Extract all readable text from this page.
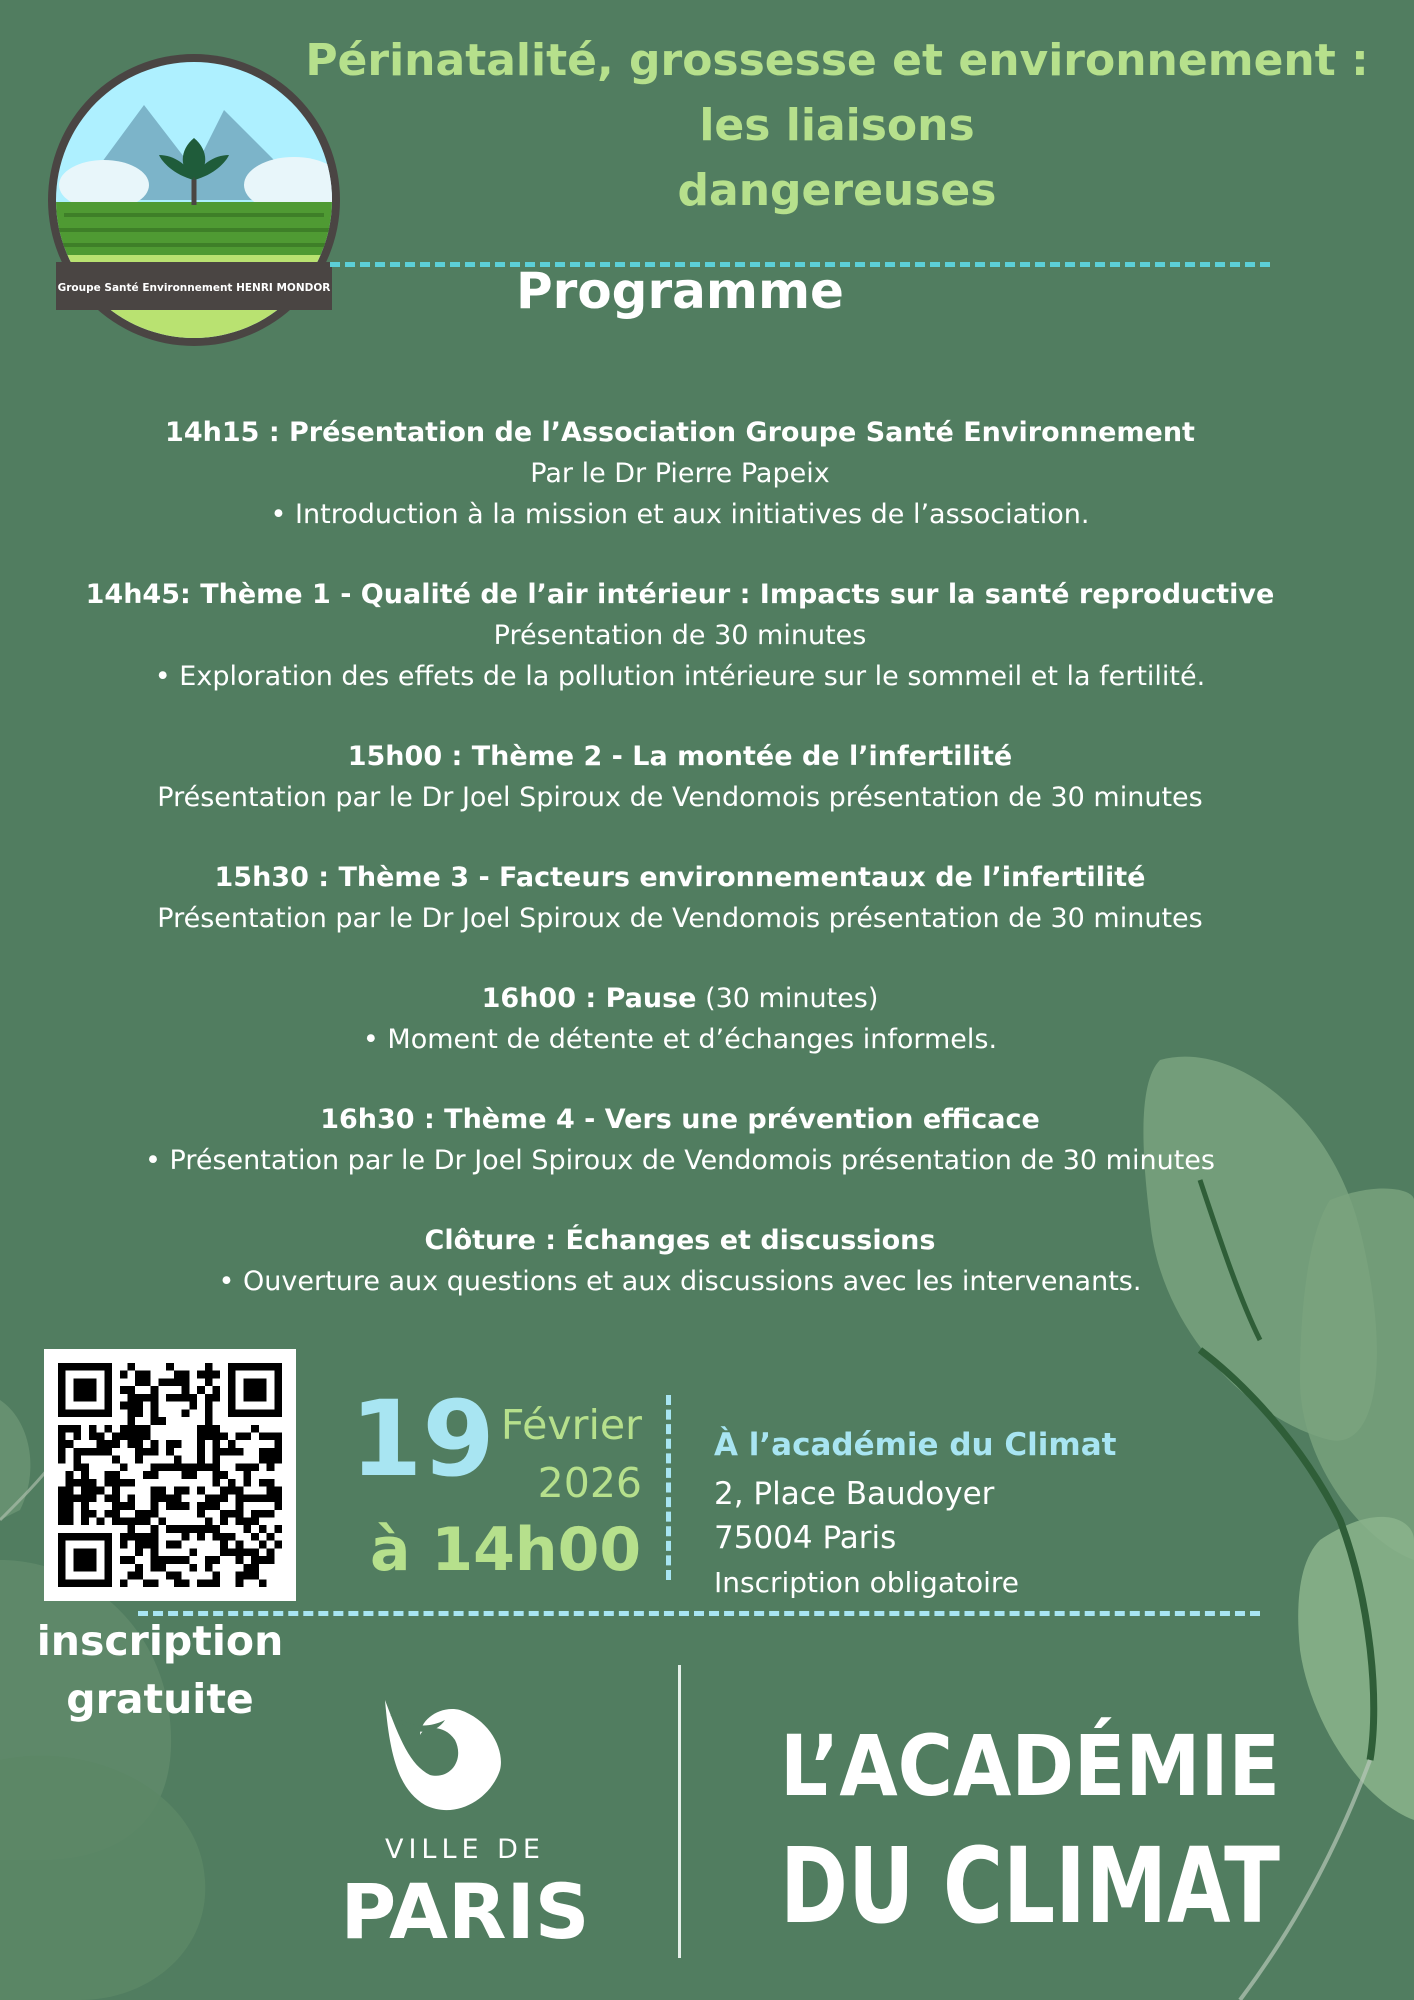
Groupe Santé Environnement HENRI MONDOR
Périnatalité, grossesse et environnement :
les liaisons
dangereuses
Programme
14h15 : Présentation de l’Association Groupe Santé Environnement
Par le Dr Pierre Papeix
• Introduction à la mission et aux initiatives de l’association.
14h45: Thème 1 - Qualité de l’air intérieur : Impacts sur la santé reproductive
Présentation de 30 minutes
• Exploration des effets de la pollution intérieure sur le sommeil et la fertilité.
15h00 : Thème 2 - La montée de l’infertilité
Présentation par le Dr Joel Spiroux de Vendomois présentation de 30 minutes
15h30 : Thème 3 - Facteurs environnementaux de l’infertilité
Présentation par le Dr Joel Spiroux de Vendomois présentation de 30 minutes
16h00 : Pause (30 minutes)
• Moment de détente et d’échanges informels.
16h30 : Thème 4 - Vers une prévention efficace
• Présentation par le Dr Joel Spiroux de Vendomois présentation de 30 minutes
Clôture : Échanges et discussions
• Ouverture aux questions et aux discussions avec les intervenants.
inscription
gratuite
19 Février
2026
à 14h00
À l’académie du Climat
2, Place Baudoyer
75004 Paris
Inscription obligatoire
VILLE DE
PARIS
L’ACADÉMIE
DU CLIMAT
